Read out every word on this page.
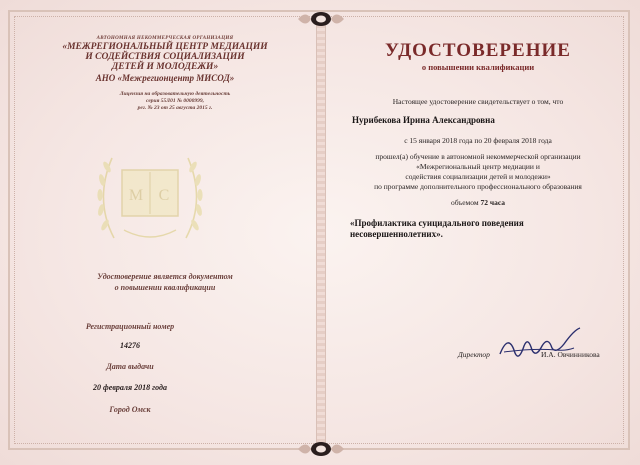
АВТОНОМНАЯ НЕКОММЕРЧЕСКАЯ ОРГАНИЗАЦИЯ
«МЕЖРЕГИОНАЛЬНЫЙ ЦЕНТР МЕДИАЦИИ
И СОДЕЙСТВИЯ СОЦИАЛИЗАЦИИ
ДЕТЕЙ И МОЛОДЕЖИ»
АНО «Межрегионцентр МИСОД»
Лицензия на образовательную деятельность
серия 55Л01 № 0000999,
рег. № 23 от 25 августа 2015 г.
М С
Удостоверение является документом
о повышении квалификации
Регистрационный номер
14276
Дата выдачи
20 февраля 2018 года
Город Омск
УДОСТОВЕРЕНИЕ
о повышении квалификации
Настоящее удостоверение свидетельствует о том, что
Нурибекова Ирина Александровна
с 15 января 2018 года по 20 февраля 2018 года
прошел(а) обучение в автономной некоммерческой организации
«Межрегиональный центр медиации и
содействия социализации детей и молодежи»
по программе дополнительного профессионального образования
объемом 72 часа
«Профилактика суицидального поведения
несовершеннолетних».
Директор	И.А. Овчинникова
